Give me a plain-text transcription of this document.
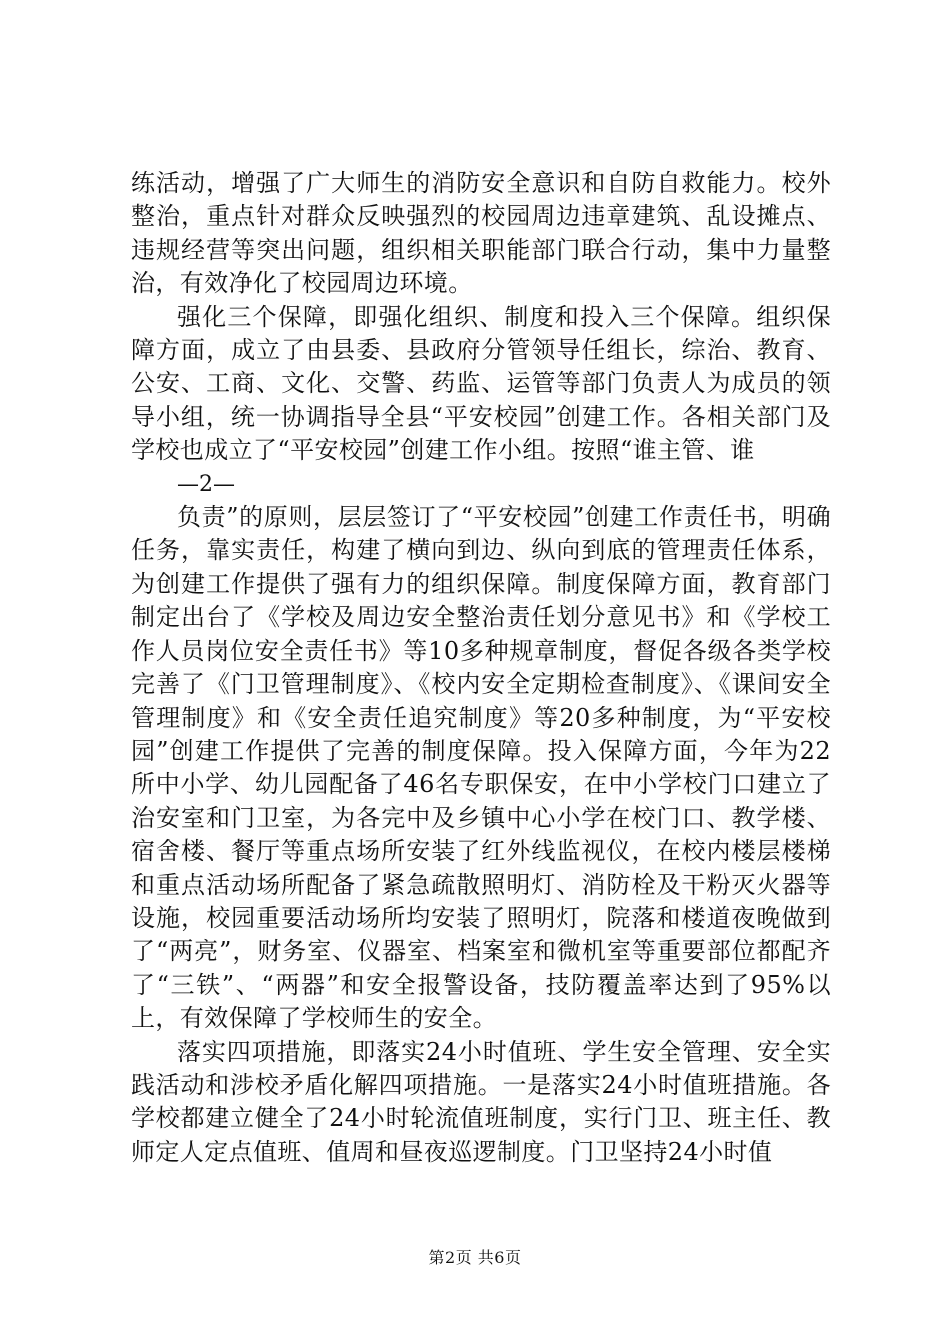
练活动，增强了广大师生的消防安全意识和自防自救能力。校外整治，重点针对群众反映强烈的校园周边违章建筑、乱设摊点、违规经营等突出问题，组织相关职能部门联合行动，集中力量整治，有效净化了校园周边环境。

强化三个保障，即强化组织、制度和投入三个保障。组织保障方面，成立了由县委、县政府分管领导任组长，综治、教育、公安、工商、文化、交警、药监、运管等部门负责人为成员的领导小组，统一协调指导全县“平安校园”创建工作。各相关部门及学校也成立了“平安校园”创建工作小组。按照“谁主管、谁

—2—

负责”的原则，层层签订了“平安校园”创建工作责任书，明确任务，靠实责任，构建了横向到边、纵向到底的管理责任体系，为创建工作提供了强有力的组织保障。制度保障方面，教育部门制定出台了《学校及周边安全整治责任划分意见书》和《学校工作人员岗位安全责任书》等10多种规章制度，督促各级各类学校完善了《门卫管理制度》、《校内安全定期检查制度》、《课间安全管理制度》和《安全责任追究制度》等20多种制度，为“平安校园”创建工作提供了完善的制度保障。投入保障方面，今年为22所中小学、幼儿园配备了46名专职保安，在中小学校门口建立了治安室和门卫室，为各完中及乡镇中心小学在校门口、教学楼、宿舍楼、餐厅等重点场所安装了红外线监视仪，在校内楼层楼梯和重点活动场所配备了紧急疏散照明灯、消防栓及干粉灭火器等设施，校园重要活动场所均安装了照明灯，院落和楼道夜晚做到了“两亮”，财务室、仪器室、档案室和微机室等重要部位都配齐了“三铁”、“两器”和安全报警设备，技防覆盖率达到了95%以上，有效保障了学校师生的安全。

落实四项措施，即落实24小时值班、学生安全管理、安全实践活动和涉校矛盾化解四项措施。一是落实24小时值班措施。各学校都建立健全了24小时轮流值班制度，实行门卫、班主任、教师定人定点值班、值周和昼夜巡逻制度。门卫坚持24小时值

第2页 共6页
